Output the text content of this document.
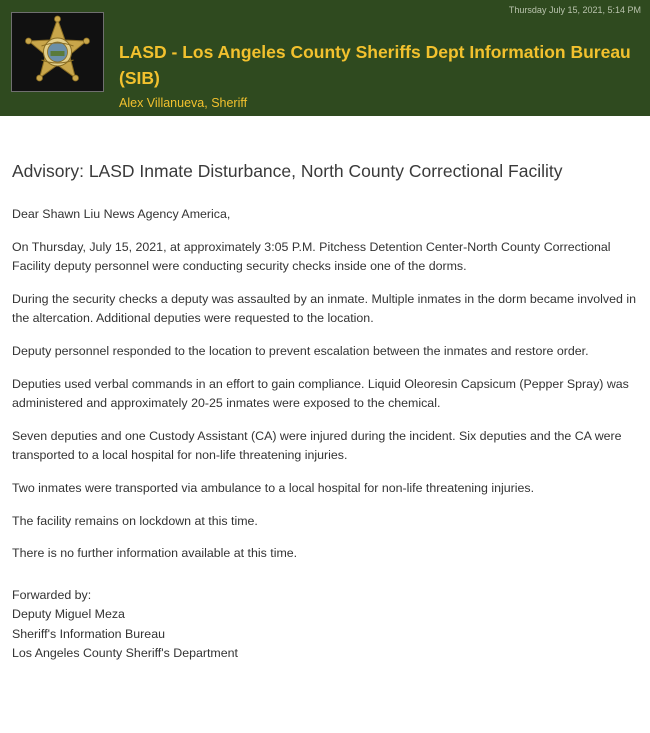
Thursday July 15, 2021, 5:14 PM
LASD - Los Angeles County Sheriffs Dept Information Bureau (SIB)
Alex Villanueva, Sheriff
Advisory: LASD Inmate Disturbance, North County Correctional Facility

Dear Shawn Liu News Agency America,

On Thursday, July 15, 2021, at approximately 3:05 P.M. Pitchess Detention Center-North County Correctional Facility deputy personnel were conducting security checks inside one of the dorms.

During the security checks a deputy was assaulted by an inmate. Multiple inmates in the dorm became involved in the altercation. Additional deputies were requested to the location.

Deputy personnel responded to the location to prevent escalation between the inmates and restore order.

Deputies used verbal commands in an effort to gain compliance. Liquid Oleoresin Capsicum (Pepper Spray) was administered and approximately 20-25 inmates were exposed to the chemical.

Seven deputies and one Custody Assistant (CA) were injured during the incident. Six deputies and the CA were transported to a local hospital for non-life threatening injuries.

Two inmates were transported via ambulance to a local hospital for non-life threatening injuries.

The facility remains on lockdown at this time.

There is no further information available at this time.

Forwarded by:
Deputy Miguel Meza
Sheriff's Information Bureau
Los Angeles County Sheriff's Department
